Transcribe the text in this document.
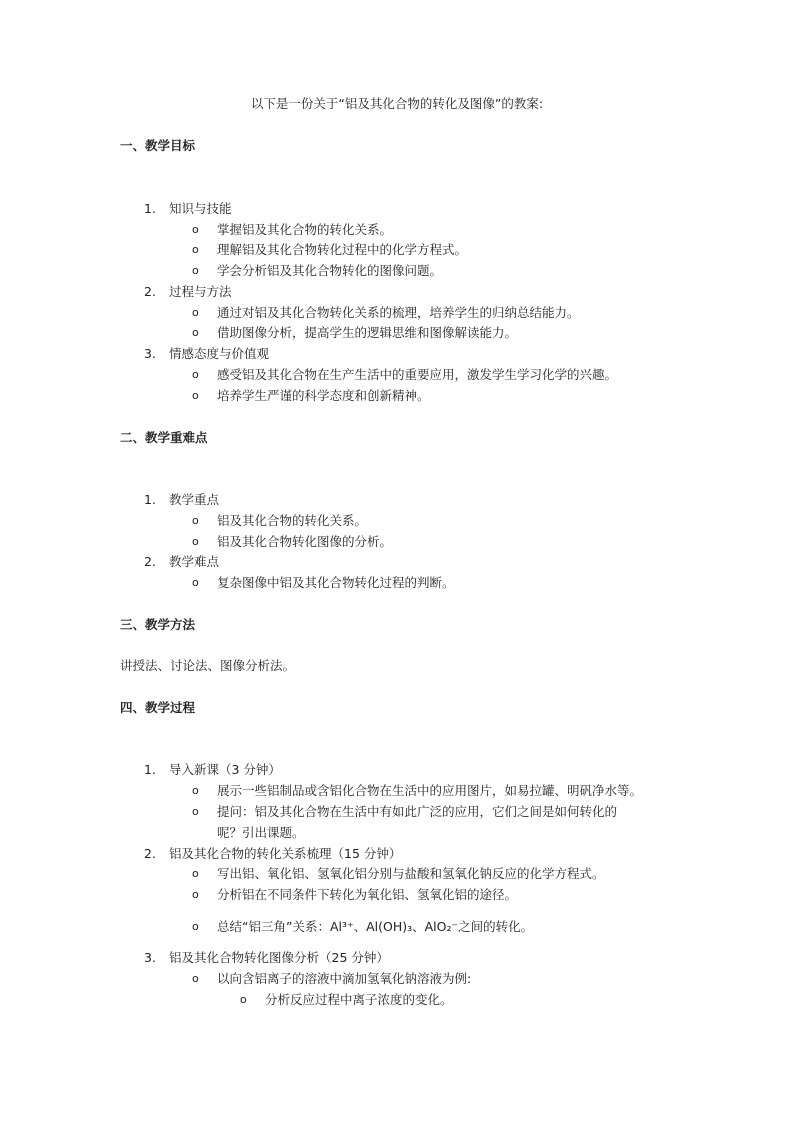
以下是一份关于“铝及其化合物的转化及图像”的教案:
一、教学目标
1. 知识与技能
o 掌握铝及其化合物的转化关系。
o 理解铝及其化合物转化过程中的化学方程式。
o 学会分析铝及其化合物转化的图像问题。
2. 过程与方法
o 通过对铝及其化合物转化关系的梳理，培养学生的归纳总结能力。
o 借助图像分析，提高学生的逻辑思维和图像解读能力。
3. 情感态度与价值观
o 感受铝及其化合物在生产生活中的重要应用，激发学生学习化学的兴趣。
o 培养学生严谨的科学态度和创新精神。
二、教学重难点
1. 教学重点
o 铝及其化合物的转化关系。
o 铝及其化合物转化图像的分析。
2. 教学难点
o 复杂图像中铝及其化合物转化过程的判断。
三、教学方法
讲授法、讨论法、图像分析法。
四、教学过程
1. 导入新课（3 分钟）
o 展示一些铝制品或含铝化合物在生活中的应用图片，如易拉罐、明矾净水等。
o 提问：铝及其化合物在生活中有如此广泛的应用，它们之间是如何转化的
呢？引出课题。
2. 铝及其化合物的转化关系梳理（15 分钟）
o 写出铝、氧化铝、氢氧化铝分别与盐酸和氢氧化钠反应的化学方程式。
o 分析铝在不同条件下转化为氧化铝、氢氧化铝的途径。
o 总结“铝三角”关系：Al³⁺、Al(OH)₃、AlO₂⁻之间的转化。
3. 铝及其化合物转化图像分析（25 分钟）
o 以向含铝离子的溶液中滴加氢氧化钠溶液为例:
o 分析反应过程中离子浓度的变化。
